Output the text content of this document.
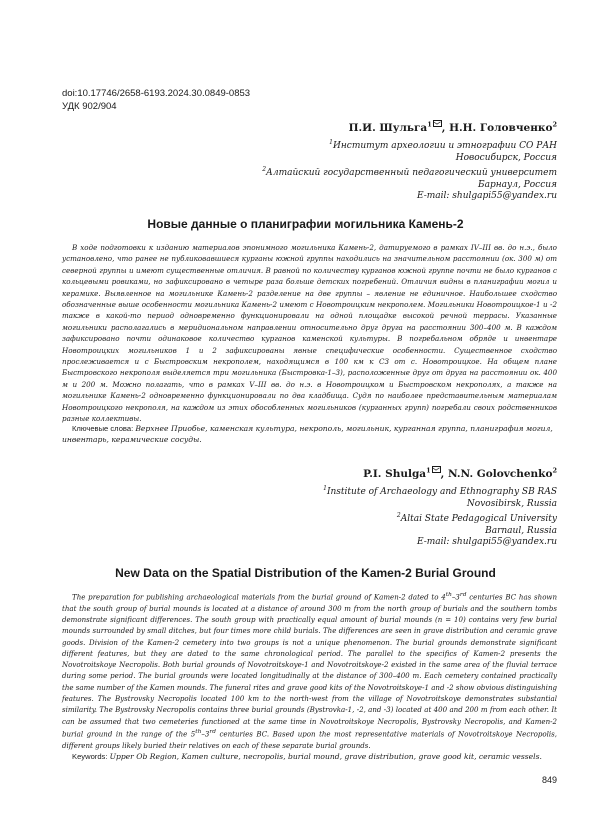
doi:10.17746/2658-6193.2024.30.0849-0853
УДК 902/904
П.И. Шульга$^1$ , Н.Н. Головченко$^2$
$^1$Институт археологии и этнографии СО РАН
Новосибирск, Россия
$^2$Алтайский государственный педагогический университет
Барнаул, Россия
E-mail: shulgapi55@yandex.ru
Новые данные о планиграфии могильника Камень-2

В ходе подготовки к изданию материалов эпонимного могильника Камень-2, датируемого в рамках IV–III вв. до н.э., было установлено, что ранее не публиковавшиеся курганы южной группы находились на значительном расстоянии (ок. 300 м) от северной группы и имеют существенные отличия. В равной по количеству курганов южной группе почти не было курганов с кольцевыми ровиками, но зафиксировано в четыре раза больше детских погребений. Отличия видны в планиграфии могил и керамике. Выявленное на могильнике Камень-2 разделение на две группы – явление не единичное. Наибольшее сходство обозначенные выше особенности могильника Камень-2 имеют с Новотроицким некрополем. Могильники Новотроицкое-1 и -2 также в какой-то период одновременно функционировали на одной площадке высокой речной террасы. Указанные могильники располагались в меридиональном направлении относительно друг друга на расстоянии 300–400 м. В каждом зафиксировано почти одинаковое количество курганов каменской культуры. В погребальном обряде и инвентаре Новотроицких могильников 1 и 2 зафиксированы явные специфические особенности. Существенное сходство прослеживается и с Быстровским некрополем, находящимся в 100 км к СЗ от с. Новотроицкое. На общем плане Быстровского некрополя выделяется три могильника (Быстровка-1–3), расположенные друг от друга на расстоянии ок. 400 м и 200 м. Можно полагать, что в рамках V–III вв. до н.э. в Новотроицком и Быстровском некрополях, а также на могильнике Камень-2 одновременно функционировали по два кладбища. Судя по наиболее представительным материалам Новотроицкого некрополя, на каждом из этих обособленных могильников (курганных групп) погребали своих родственников разные коллективы.

Ключевые слова: Верхнее Приобье, каменская культура, некрополь, могильник, курганная группа, планиграфия могил, инвентарь, керамические сосуды.

P.I. Shulga$^1$ , N.N. Golovchenko$^2$
$^1$Institute of Archaeology and Ethnography SB RAS
Novosibirsk, Russia
$^2$Altai State Pedagogical University
Barnaul, Russia
E-mail: shulgapi55@yandex.ru
New Data on the Spatial Distribution of the Kamen-2 Burial Ground

The preparation for publishing archaeological materials from the burial ground of Kamen-2 dated to 4th–3rd centuries BC has shown that the south group of burial mounds is located at a distance of around 300 m from the north group of burials and the southern tombs demonstrate significant differences. The south group with practically equal amount of burial mounds (n = 10) contains very few burial mounds surrounded by small ditches, but four times more child burials. The differences are seen in grave distribution and ceramic grave goods. Division of the Kamen-2 cemetery into two groups is not a unique phenomenon. The burial grounds demonstrate significant different features, but they are dated to the same chronological period. The parallel to the specifics of Kamen-2 presents the Novotroitskoye Necropolis. Both burial grounds of Novotroitskoye-1 and Novotroitskoye-2 existed in the same area of the fluvial terrace during some period. The burial grounds were located longitudinally at the distance of 300–400 m. Each cemetery contained practically the same number of the Kamen mounds. The funeral rites and grave good kits of the Novotroitskoye-1 and -2 show obvious distinguishing features. The Bystrovsky Necropolis located 100 km to the north-west from the village of Novotroitskoye demonstrates substantial similarity. The Bystrovsky Necropolis contains three burial grounds (Bystrovka-1, -2, and -3) located at 400 and 200 m from each other. It can be assumed that two cemeteries functioned at the same time in Novotroitskoye Necropolis, Bystrovsky Necropolis, and Kamen-2 burial ground in the range of the 5th–3rd centuries BC. Based upon the most representative materials of Novotroitskoye Necropolis, different groups likely buried their relatives on each of these separate burial grounds.

Keywords: Upper Ob Region, Kamen culture, necropolis, burial mound, grave distribution, grave good kit, ceramic vessels.

849
